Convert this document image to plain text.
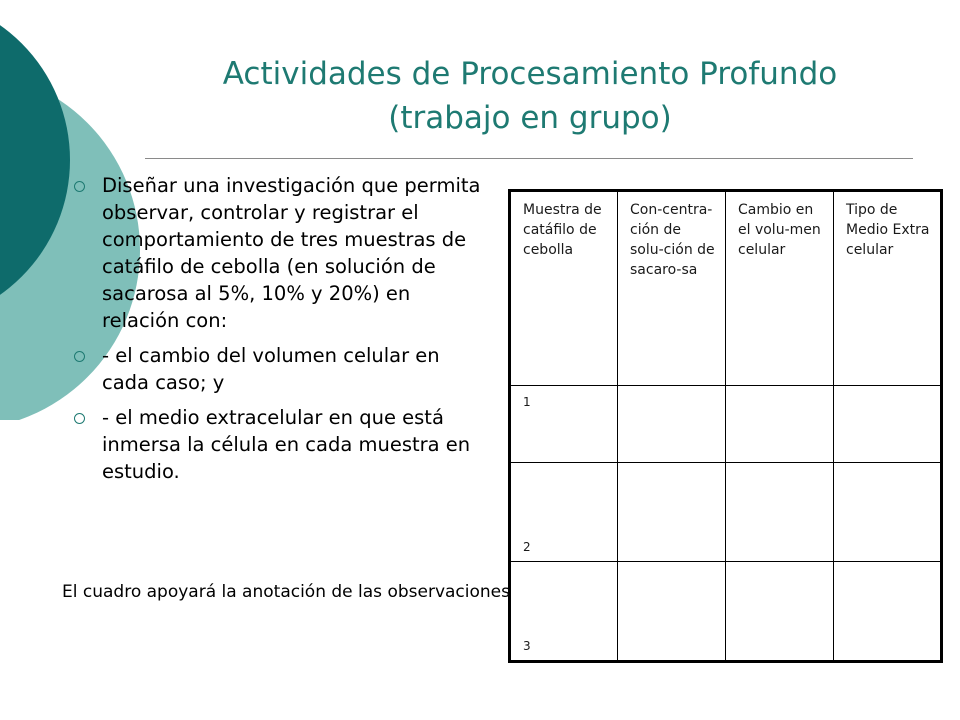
Actividades de Procesamiento Profundo
(trabajo en grupo)
Diseñar una investigación que permita observar, controlar y registrar el comportamiento de tres muestras de catáfilo de cebolla (en solución de sacarosa al 5%, 10% y 20%) en relación con:
- el cambio del volumen celular en cada caso; y
- el medio extracelular en que está inmersa la célula en cada muestra en estudio.
El cuadro apoyará la anotación de las observaciones
Muestra de catáfilo de cebolla	Con-centra-ción de solu-ción de sacaro-sa	Cambio en el volu-men celular	Tipo de Medio Extra celular
1			
2			
3			
